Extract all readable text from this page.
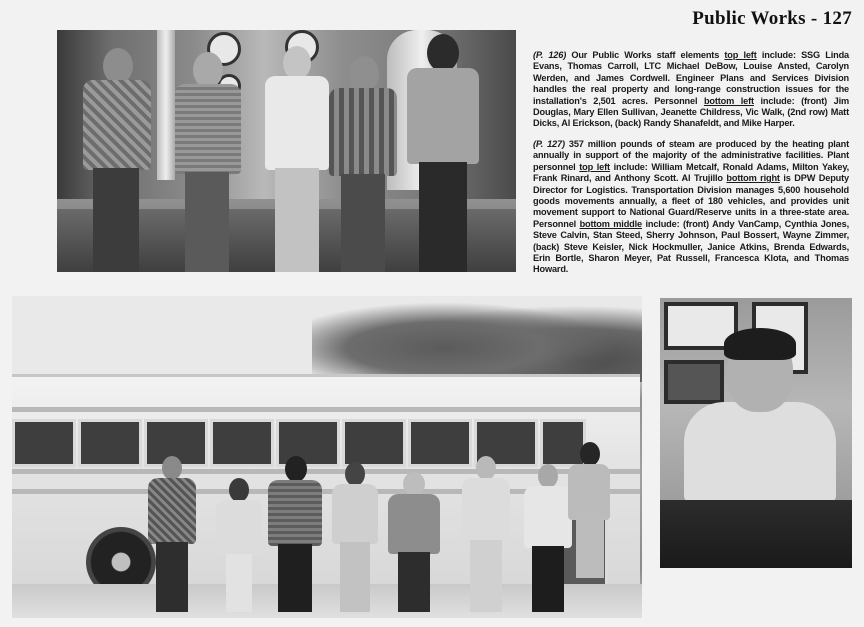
Public Works - 127
(P. 126) Our Public Works staff elements top left include: SSG Linda Evans, Thomas Carroll, LTC Michael DeBow, Louise Ansted, Carolyn Werden, and James Cordwell. Engineer Plans and Services Division handles the real property and long-range construction issues for the installation's 2,501 acres. Personnel bottom left include: (front) Jim Douglas, Mary Ellen Sullivan, Jeanette Childress, Vic Walk, (2nd row) Matt Dicks, Al Erickson, (back) Randy Shanafeldt, and Mike Harper.
(P. 127) 357 million pounds of steam are produced by the heating plant annually in support of the majority of the administrative facilities. Plant personnel top left include: William Metcalf, Ronald Adams, Milton Yakey, Frank Rinard, and Anthony Scott. Al Trujillo bottom right is DPW Deputy Director for Logistics. Transportation Division manages 5,600 household goods movements annually, a fleet of 180 vehicles, and provides unit movement support to National Guard/Reserve units in a three-state area. Personnel bottom middle include: (front) Andy VanCamp, Cynthia Jones, Steve Calvin, Stan Steed, Sherry Johnson, Paul Bossert, Wayne Zimmer, (back) Steve Keisler, Nick Hockmuller, Janice Atkins, Brenda Edwards, Erin Bortle, Sharon Meyer, Pat Russell, Francesca Klota, and Thomas Howard.
